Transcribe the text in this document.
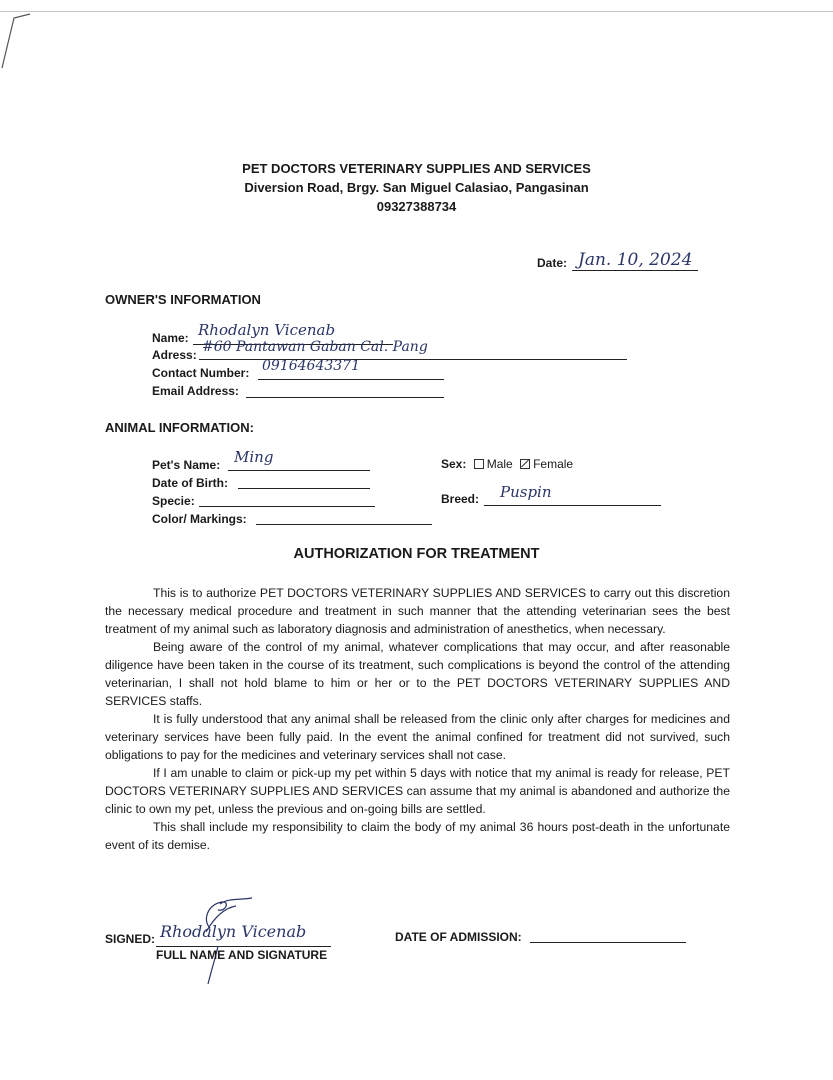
PET DOCTORS VETERINARY SUPPLIES AND SERVICES
Diversion Road, Brgy. San Miguel Calasiao, Pangasinan
09327388734
Date: Jan. 10, 2024
OWNER'S INFORMATION
Name: Rhodalyn Vicenab
Adress: #60 Pantawan Gaban Cal. Pang
Contact Number: 09164643371
Email Address:
ANIMAL INFORMATION:
Pet's Name: Ming
Date of Birth:
Specie:
Color/ Markings:
Sex: Male Female
Breed: Puspin
AUTHORIZATION FOR TREATMENT

This is to authorize PET DOCTORS VETERINARY SUPPLIES AND SERVICES to carry out this discretion the necessary medical procedure and treatment in such manner that the attending veterinarian sees the best treatment of my animal such as laboratory diagnosis and administration of anesthetics, when necessary.

Being aware of the control of my animal, whatever complications that may occur, and after reasonable diligence have been taken in the course of its treatment, such complications is beyond the control of the attending veterinarian, I shall not hold blame to him or her or to the PET DOCTORS VETERINARY SUPPLIES AND SERVICES staffs.

It is fully understood that any animal shall be released from the clinic only after charges for medicines and veterinary services have been fully paid. In the event the animal confined for treatment did not survived, such obligations to pay for the medicines and veterinary services shall not case.

If I am unable to claim or pick-up my pet within 5 days with notice that my animal is ready for release, PET DOCTORS VETERINARY SUPPLIES AND SERVICES can assume that my animal is abandoned and authorize the clinic to own my pet, unless the previous and on-going bills are settled.

This shall include my responsibility to claim the body of my animal 36 hours post-death in the unfortunate event of its demise.

SIGNED: Rhodalyn Vicenab
FULL NAME AND SIGNATURE
DATE OF ADMISSION:
